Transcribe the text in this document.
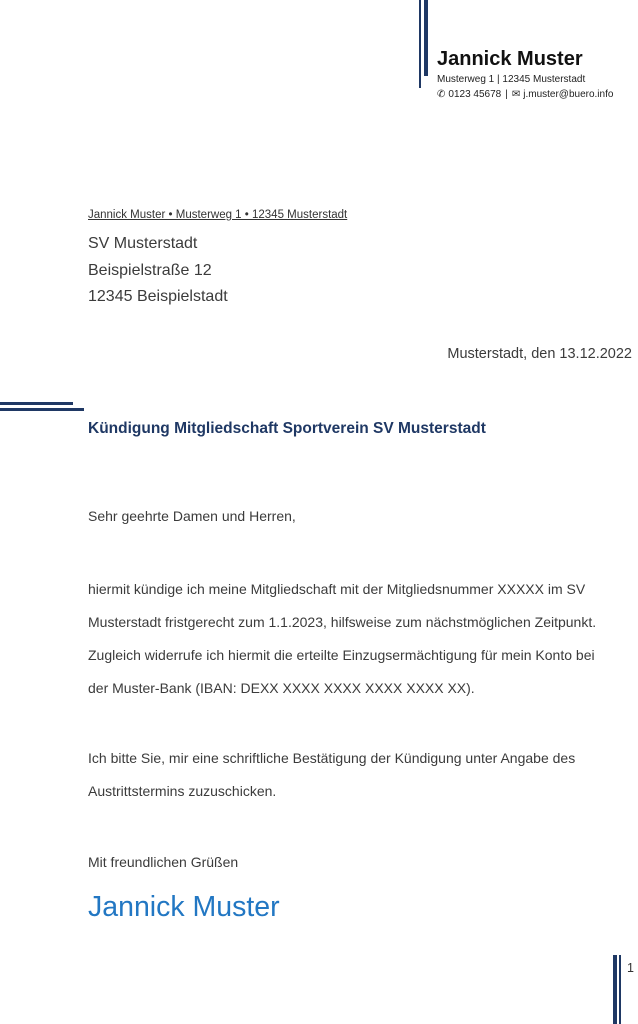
Jannick Muster
Musterweg 1 | 12345 Musterstadt
✆ 0123 45678 | ✉ j.muster@buero.info
Jannick Muster • Musterweg 1 • 12345 Musterstadt
SV Musterstadt
Beispielstraße 12
12345 Beispielstadt
Musterstadt, den 13.12.2022
Kündigung Mitgliedschaft Sportverein SV Musterstadt
Sehr geehrte Damen und Herren,
hiermit kündige ich meine Mitgliedschaft mit der Mitgliedsnummer XXXXX im SV
Musterstadt fristgerecht zum 1.1.2023, hilfsweise zum nächstmöglichen Zeitpunkt.
Zugleich widerrufe ich hiermit die erteilte Einzugsermächtigung für mein Konto bei
der Muster-Bank (IBAN: DEXX XXXX XXXX XXXX XXXX XX).
Ich bitte Sie, mir eine schriftliche Bestätigung der Kündigung unter Angabe des
Austrittstermins zuzuschicken.
Mit freundlichen Grüßen
Jannick Muster
1
